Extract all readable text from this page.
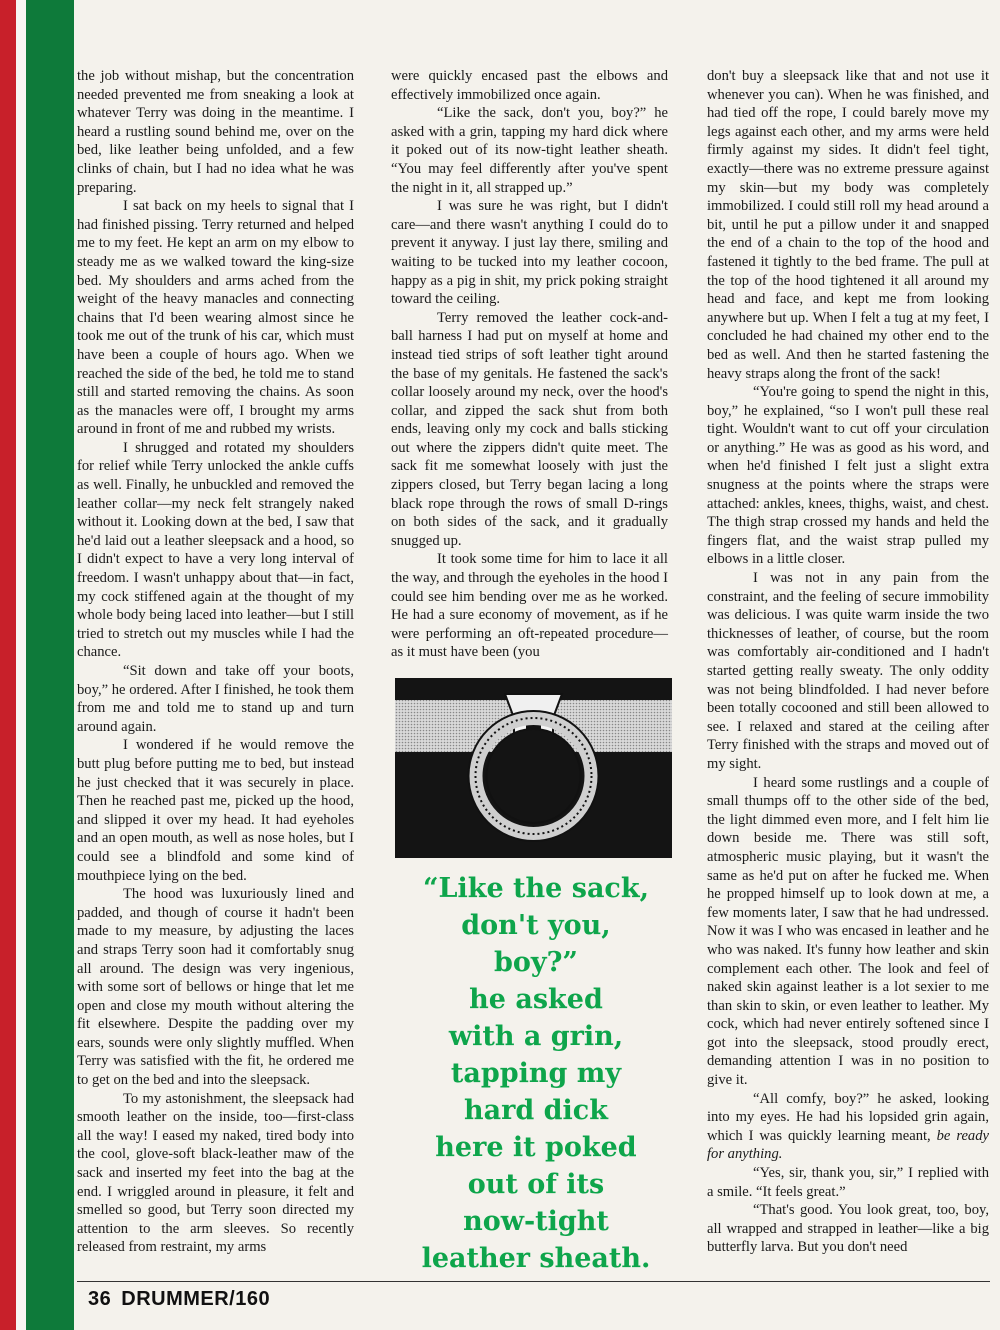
the job without mishap, but the concentration needed prevented me from sneaking a look at whatever Terry was doing in the meantime. I heard a rustling sound behind me, over on the bed, like leather being unfolded, and a few clinks of chain, but I had no idea what he was preparing.

I sat back on my heels to signal that I had finished pissing. Terry returned and helped me to my feet. He kept an arm on my elbow to steady me as we walked toward the king-size bed. My shoulders and arms ached from the weight of the heavy manacles and connecting chains that I'd been wearing almost since he took me out of the trunk of his car, which must have been a couple of hours ago. When we reached the side of the bed, he told me to stand still and started removing the chains. As soon as the manacles were off, I brought my arms around in front of me and rubbed my wrists.

I shrugged and rotated my shoulders for relief while Terry unlocked the ankle cuffs as well. Finally, he unbuckled and removed the leather collar—my neck felt strangely naked without it. Looking down at the bed, I saw that he'd laid out a leather sleepsack and a hood, so I didn't expect to have a very long interval of freedom. I wasn't unhappy about that—in fact, my cock stiffened again at the thought of my whole body being laced into leather—but I still tried to stretch out my muscles while I had the chance.

“Sit down and take off your boots, boy,” he ordered. After I finished, he took them from me and told me to stand up and turn around again.

I wondered if he would remove the butt plug before putting me to bed, but instead he just checked that it was securely in place. Then he reached past me, picked up the hood, and slipped it over my head. It had eyeholes and an open mouth, as well as nose holes, but I could see a blindfold and some kind of mouthpiece lying on the bed.

The hood was luxuriously lined and padded, and though of course it hadn't been made to my measure, by adjusting the laces and straps Terry soon had it comfortably snug all around. The design was very ingenious, with some sort of bellows or hinge that let me open and close my mouth without altering the fit elsewhere. Despite the padding over my ears, sounds were only slightly muffled. When Terry was satisfied with the fit, he ordered me to get on the bed and into the sleepsack.

To my astonishment, the sleepsack had smooth leather on the inside, too—first-class all the way! I eased my naked, tired body into the cool, glove-soft black-leather maw of the sack and inserted my feet into the bag at the end. I wriggled around in pleasure, it felt and smelled so good, but Terry soon directed my attention to the arm sleeves. So recently released from restraint, my arms

were quickly encased past the elbows and effectively immobilized once again.

“Like the sack, don't you, boy?” he asked with a grin, tapping my hard dick where it poked out of its now-tight leather sheath. “You may feel differently after you've spent the night in it, all strapped up.”

I was sure he was right, but I didn't care—and there wasn't anything I could do to prevent it anyway. I just lay there, smiling and waiting to be tucked into my leather cocoon, happy as a pig in shit, my prick poking straight toward the ceiling.

Terry removed the leather cock-and-ball harness I had put on myself at home and instead tied strips of soft leather tight around the base of my genitals. He fastened the sack's collar loosely around my neck, over the hood's collar, and zipped the sack shut from both ends, leaving only my cock and balls sticking out where the zippers didn't quite meet. The sack fit me somewhat loosely with just the zippers closed, but Terry began lacing a long black rope through the rows of small D-rings on both sides of the sack, and it gradually snugged up.

It took some time for him to lace it all the way, and through the eyeholes in the hood I could see him bending over me as he worked. He had a sure economy of movement, as if he were performing an oft-repeated procedure—as it must have been (you

“Like the sack,
don't you,
boy?”
he asked
with a grin,
tapping my
hard dick
here it poked
out of its
now-tight
leather sheath.

don't buy a sleepsack like that and not use it whenever you can). When he was finished, and had tied off the rope, I could barely move my legs against each other, and my arms were held firmly against my sides. It didn't feel tight, exactly—there was no extreme pressure against my skin—but my body was completely immobilized. I could still roll my head around a bit, until he put a pillow under it and snapped the end of a chain to the top of the hood and fastened it tightly to the bed frame. The pull at the top of the hood tightened it all around my head and face, and kept me from looking anywhere but up. When I felt a tug at my feet, I concluded he had chained my other end to the bed as well. And then he started fastening the heavy straps along the front of the sack!

“You're going to spend the night in this, boy,” he explained, “so I won't pull these real tight. Wouldn't want to cut off your circulation or anything.” He was as good as his word, and when he'd finished I felt just a slight extra snugness at the points where the straps were attached: ankles, knees, thighs, waist, and chest. The thigh strap crossed my hands and held the fingers flat, and the waist strap pulled my elbows in a little closer.

I was not in any pain from the constraint, and the feeling of secure immobility was delicious. I was quite warm inside the two thicknesses of leather, of course, but the room was comfortably air-conditioned and I hadn't started getting really sweaty. The only oddity was not being blindfolded. I had never before been totally cocooned and still been allowed to see. I relaxed and stared at the ceiling after Terry finished with the straps and moved out of my sight.

I heard some rustlings and a couple of small thumps off to the other side of the bed, the light dimmed even more, and I felt him lie down beside me. There was still soft, atmospheric music playing, but it wasn't the same as he'd put on after he fucked me. When he propped himself up to look down at me, a few moments later, I saw that he had undressed. Now it was I who was encased in leather and he who was naked. It's funny how leather and skin complement each other. The look and feel of naked skin against leather is a lot sexier to me than skin to skin, or even leather to leather. My cock, which had never entirely softened since I got into the sleepsack, stood proudly erect, demanding attention I was in no position to give it.

“All comfy, boy?” he asked, looking into my eyes. He had his lopsided grin again, which I was quickly learning meant, be ready for anything.

“Yes, sir, thank you, sir,” I replied with a smile. “It feels great.”

“That's good. You look great, too, boy, all wrapped and strapped in leather—like a big butterfly larva. But you don't need

36 DRUMMER/160
